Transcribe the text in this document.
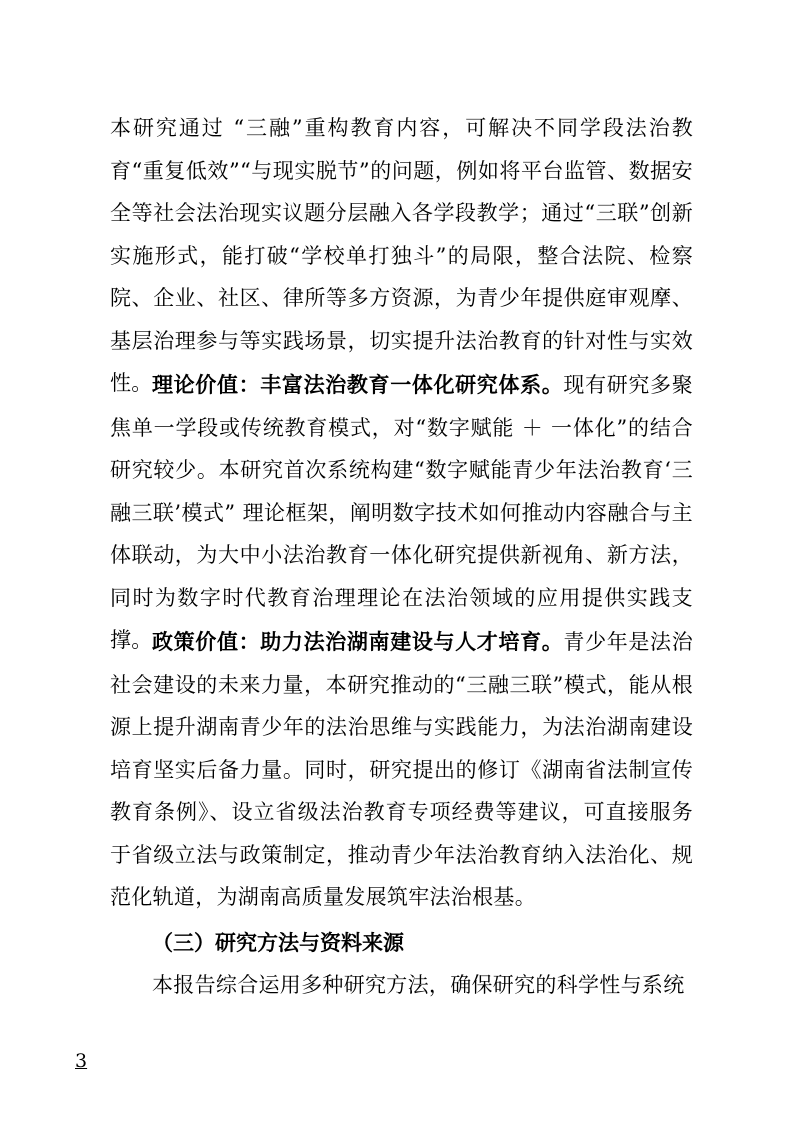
本研究通过 “三融”重构教育内容，可解决不同学段法治教育“重复低效”“与现实脱节”的问题，例如将平台监管、数据安全等社会法治现实议题分层融入各学段教学；通过“三联”创新实施形式，能打破“学校单打独斗”的局限，整合法院、检察院、企业、社区、律所等多方资源，为青少年提供庭审观摩、基层治理参与等实践场景，切实提升法治教育的针对性与实效性。 理论价值：丰富法治教育一体化研究体系。现有研究多聚焦单一学段或传统教育模式，对“数字赋能 ＋ 一体化”的结合研究较少。本研究首次系统构建“数字赋能青少年法治教育‘三融三联’模式” 理论框架，阐明数字技术如何推动内容融合与主体联动，为大中小法治教育一体化研究提供新视角、新方法，同时为数字时代教育治理理论在法治领域的应用提供实践支撑。 政策价值：助力法治湖南建设与人才培育。青少年是法治社会建设的未来力量，本研究推动的“三融三联”模式，能从根源上提升湖南青少年的法治思维与实践能力，为法治湖南建设培育坚实后备力量。同时，研究提出的修订《湖南省法制宣传教育条例》、设立省级法治教育专项经费等建议，可直接服务于省级立法与政策制定，推动青少年法治教育纳入法治化、规范化轨道，为湖南高质量发展筑牢法治根基。

（三）研究方法与资料来源

本报告综合运用多种研究方法，确保研究的科学性与系统

3
